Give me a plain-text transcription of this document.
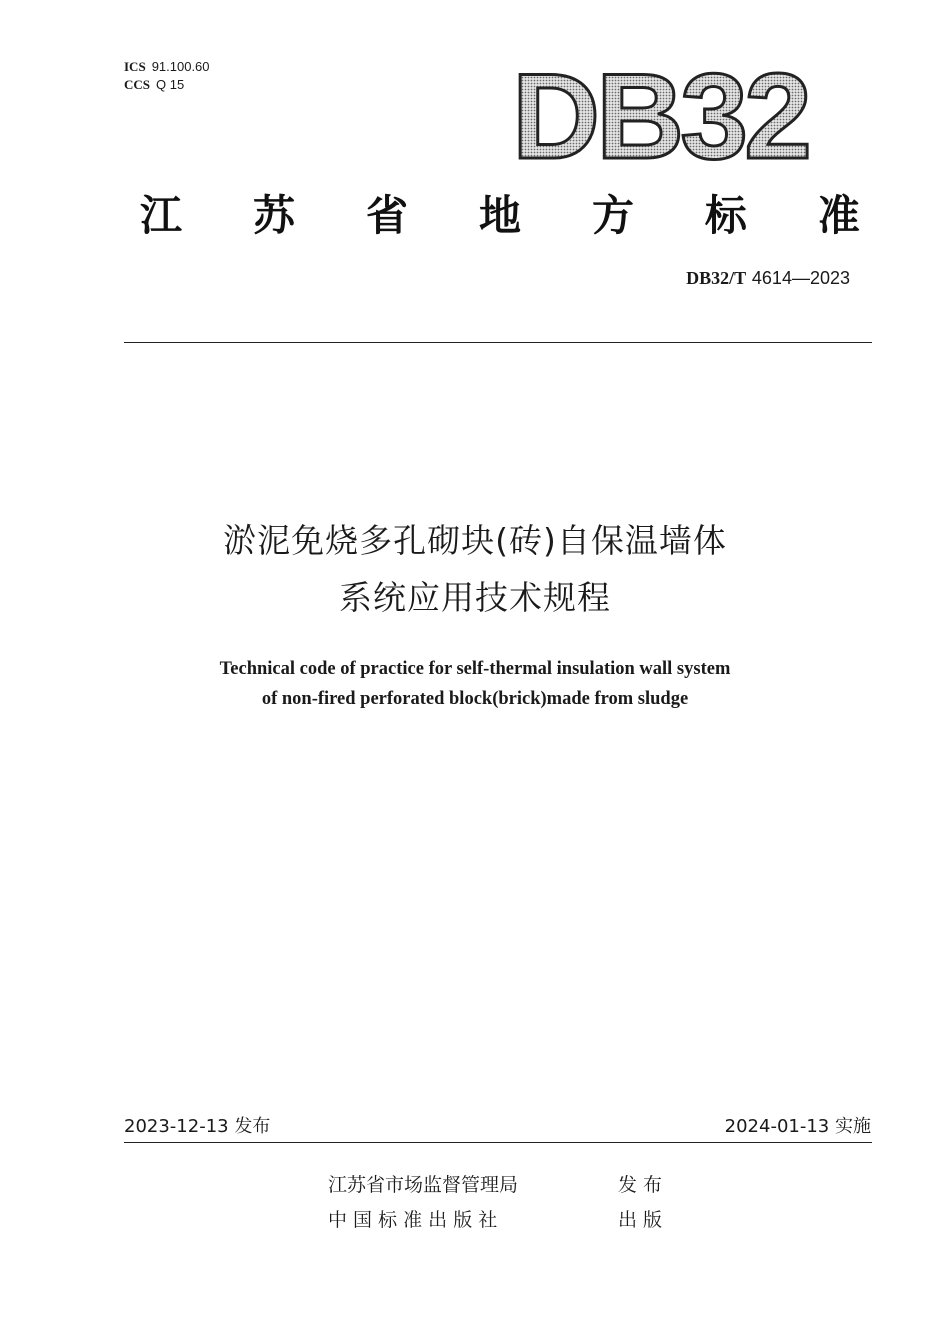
ICS 91.100.60
CCS Q 15	DB32
江 苏 省 地 方 标 准
DB32/T 4614—2023
淤泥免烧多孔砌块(砖)自保温墙体
系统应用技术规程
Technical code of practice for self-thermal insulation wall system
of non-fired perforated block(brick)made from sludge
2023-12-13 发布	2024-01-13 实施
江苏省市场监督管理局	发 布
中 国 标 准 出 版 社	出 版
